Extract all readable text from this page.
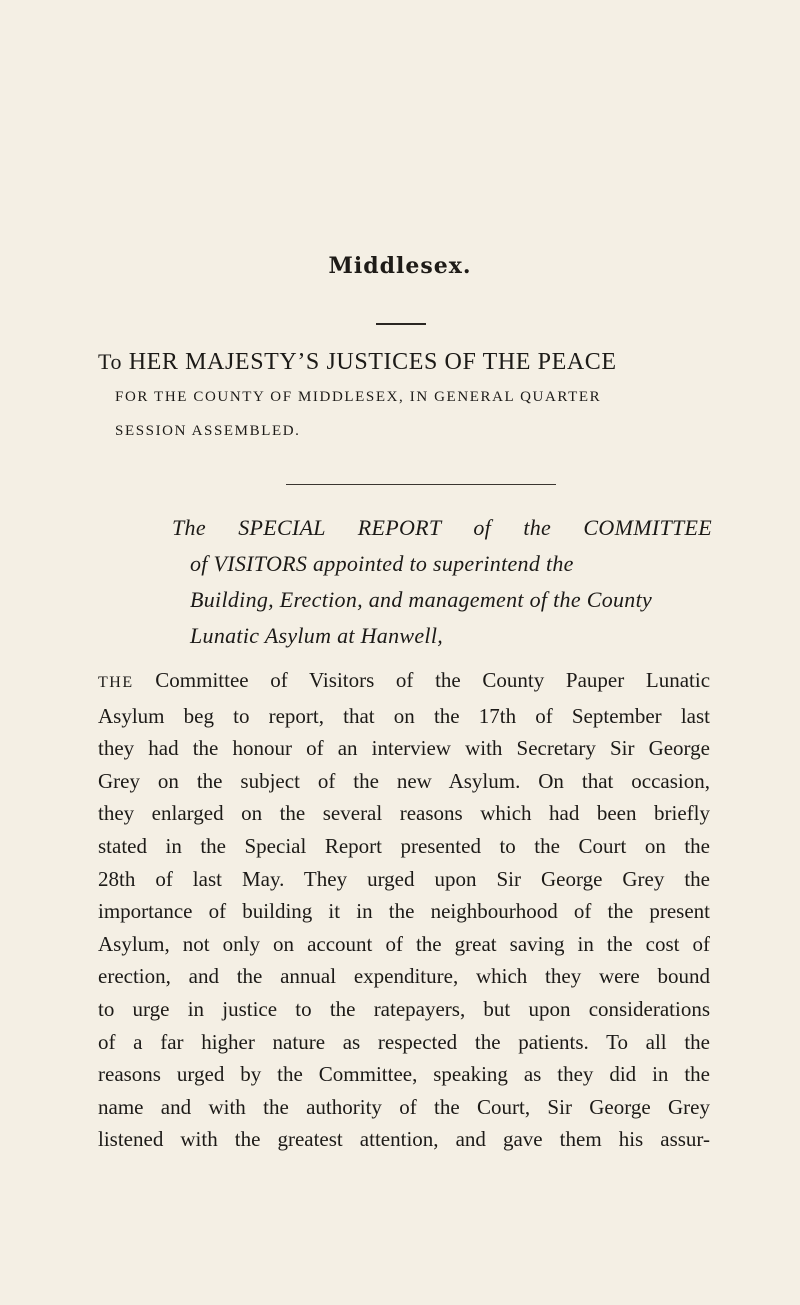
Middlesex.
To HER MAJESTY’S JUSTICES OF THE PEACE
FOR THE COUNTY OF MIDDLESEX, IN GENERAL QUARTER
SESSION ASSEMBLED.

The SPECIAL REPORT of the COMMITTEE

of VISITORS appointed to superintend the

Building, Erection, and management of the County

Lunatic Asylum at Hanwell,

THE Committee of Visitors of the County Pauper Lunatic

Asylum beg to report, that on the 17th of September last

they had the honour of an interview with Secretary Sir George

Grey on the subject of the new Asylum. On that occasion,

they enlarged on the several reasons which had been briefly

stated in the Special Report presented to the Court on the

28th of last May. They urged upon Sir George Grey the

importance of building it in the neighbourhood of the present

Asylum, not only on account of the great saving in the cost of

erection, and the annual expenditure, which they were bound

to urge in justice to the ratepayers, but upon considerations

of a far higher nature as respected the patients. To all the

reasons urged by the Committee, speaking as they did in the

name and with the authority of the Court, Sir George Grey

listened with the greatest attention, and gave them his assur-
